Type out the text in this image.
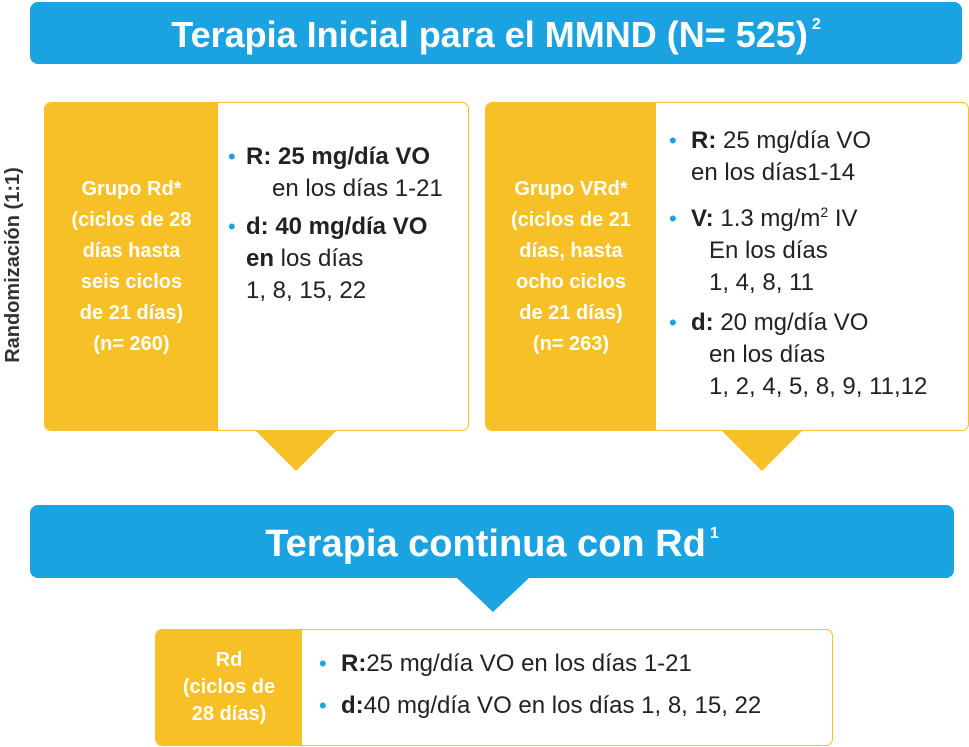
Terapia Inicial para el MMND (N= 525) $^2$
Randomización (1:1)	Grupo Rd*
(ciclos de 28
días hasta
seis ciclos
de 21 días)
(n= 260)
• R: 25 mg/día VO
en los días 1-21
• d: 40 mg/día VO
en los días
1, 8, 15, 22
Grupo VRd*
(ciclos de 21
días, hasta
ocho ciclos
de 21 días)
(n= 263)
• R: 25 mg/día VO
en los días1-14
• V: 1.3 $mg/m^2$ IV
En los días
1, 4, 8, 11
• d: 20 mg/día VO
en los días
1, 2, 4, 5, 8, 9, 11,12
Terapia continua con Rd $^1$
Rd
(ciclos de
28 días)
• R:25 mg/día VO en los días 1-21
• d:40 mg/día VO en los días 1, 8, 15, 22
